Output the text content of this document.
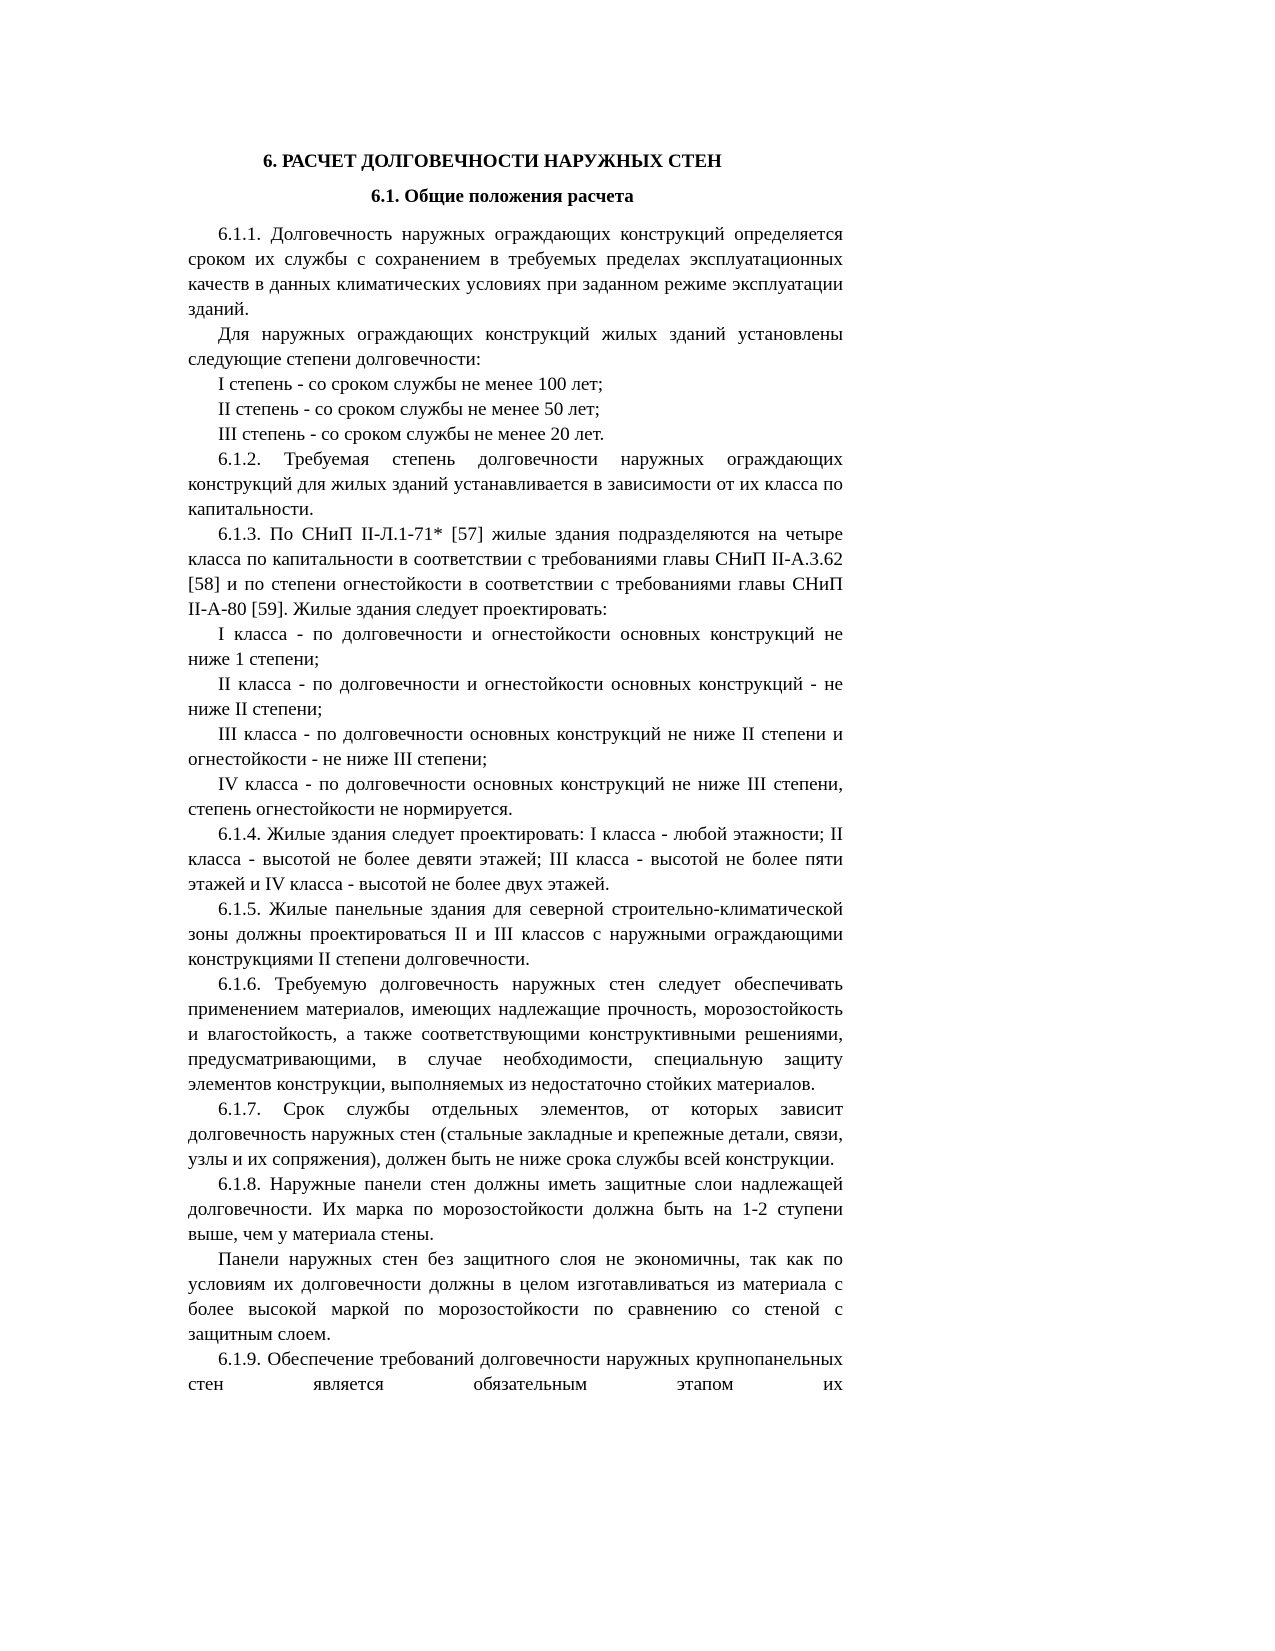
6. РАСЧЕТ ДОЛГОВЕЧНОСТИ НАРУЖНЫХ СТЕН
6.1. Общие положения расчета

6.1.1. Долговечность наружных ограждающих конструкций определяется сроком их службы с сохранением в требуемых пределах эксплуатационных качеств в данных климатических условиях при заданном режиме эксплуатации зданий.

Для наружных ограждающих конструкций жилых зданий установлены следующие степени долговечности:

I степень - со сроком службы не менее 100 лет;

II степень - со сроком службы не менее 50 лет;

III степень - со сроком службы не менее 20 лет.

6.1.2. Требуемая степень долговечности наружных ограждающих конструкций для жилых зданий устанавливается в зависимости от их класса по капитальности.

6.1.3. По СНиП II-Л.1-71* [57] жилые здания подразделяются на четыре класса по капитальности в соответствии с требованиями главы СНиП II-А.3.62 [58] и по степени огнестойкости в соответствии с требованиями главы СНиП II-А-80 [59]. Жилые здания следует проектировать:

I класса - по долговечности и огнестойкости основных конструкций не ниже 1 степени;

II класса - по долговечности и огнестойкости основных конструкций - не ниже II степени;

III класса - по долговечности основных конструкций не ниже II степени и огнестойкости - не ниже III степени;

IV класса - по долговечности основных конструкций не ниже III степени, степень огнестойкости не нормируется.

6.1.4. Жилые здания следует проектировать: I класса - любой этажности; II класса - высотой не более девяти этажей; III класса - высотой не более пяти этажей и IV класса - высотой не более двух этажей.

6.1.5. Жилые панельные здания для северной строительно-климатической зоны должны проектироваться II и III классов с наружными ограждающими конструкциями II степени долговечности.

6.1.6. Требуемую долговечность наружных стен следует обеспечивать применением материалов, имеющих надлежащие прочность, морозостойкость и влагостойкость, а также соответствующими конструктивными решениями, предусматривающими, в случае необходимости, специальную защиту элементов конструкции, выполняемых из недостаточно стойких материалов.

6.1.7. Срок службы отдельных элементов, от которых зависит долговечность наружных стен (стальные закладные и крепежные детали, связи, узлы и их сопряжения), должен быть не ниже срока службы всей конструкции.

6.1.8. Наружные панели стен должны иметь защитные слои надлежащей долговечности. Их марка по морозостойкости должна быть на 1-2 ступени выше, чем у материала стены.

Панели наружных стен без защитного слоя не экономичны, так как по условиям их долговечности должны в целом изготавливаться из материала с более высокой маркой по морозостойкости по сравнению со стеной с защитным слоем.

6.1.9. Обеспечение требований долговечности наружных крупнопанельных стен является обязательным этапом их
